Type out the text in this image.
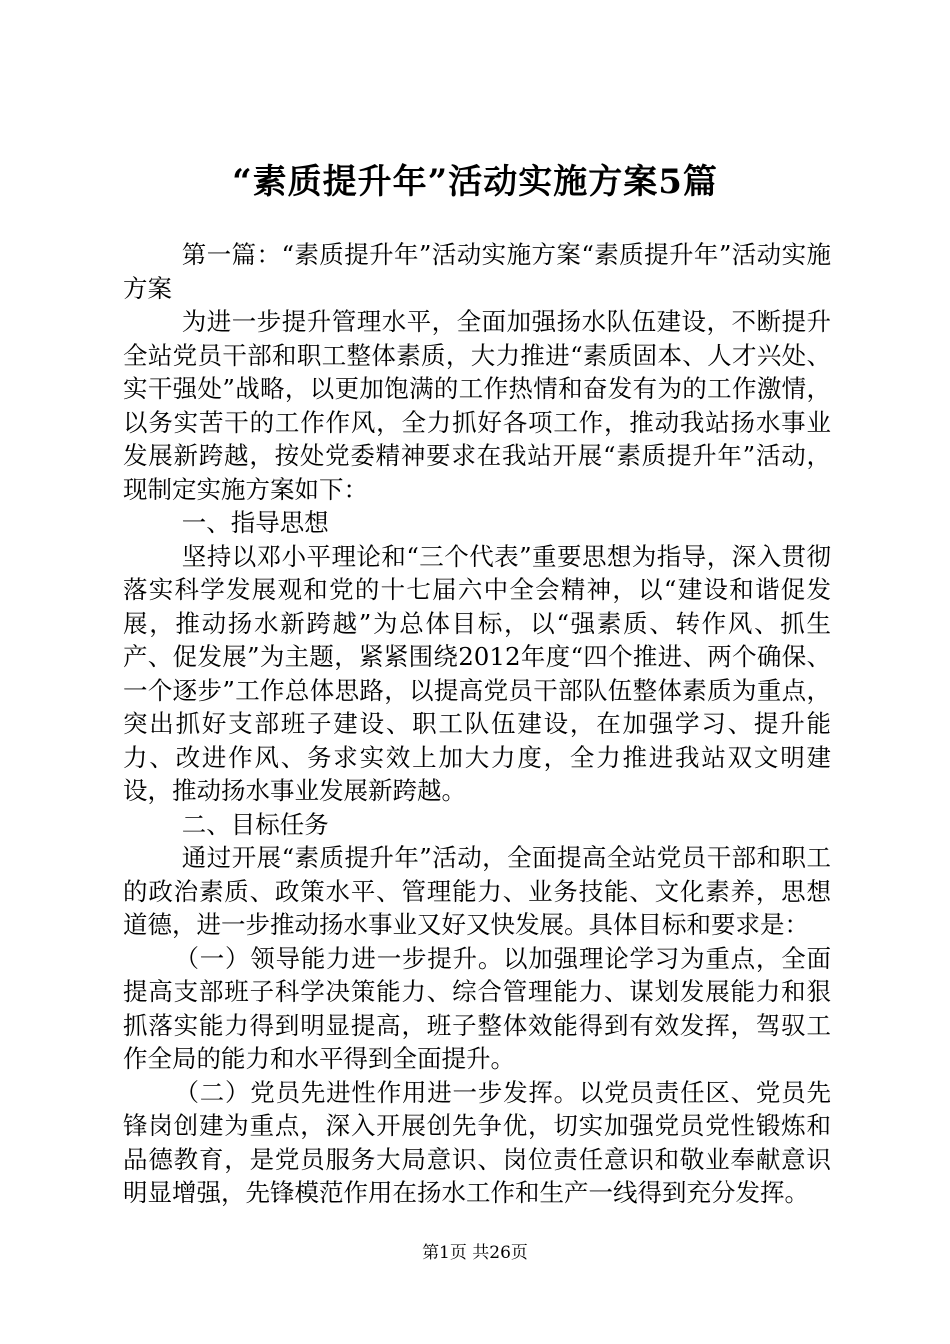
“素质提升年”活动实施方案5篇

第一篇：“素质提升年”活动实施方案“素质提升年”活动实施方案

为进一步提升管理水平，全面加强扬水队伍建设，不断提升全站党员干部和职工整体素质，大力推进“素质固本、人才兴处、实干强处”战略，以更加饱满的工作热情和奋发有为的工作激情，以务实苦干的工作作风，全力抓好各项工作，推动我站扬水事业发展新跨越，按处党委精神要求在我站开展“素质提升年”活动，现制定实施方案如下：

一、指导思想

坚持以邓小平理论和“三个代表”重要思想为指导，深入贯彻落实科学发展观和党的十七届六中全会精神，以“建设和谐促发展，推动扬水新跨越”为总体目标，以“强素质、转作风、抓生产、促发展”为主题，紧紧围绕2012年度“四个推进、两个确保、一个逐步”工作总体思路，以提高党员干部队伍整体素质为重点，突出抓好支部班子建设、职工队伍建设，在加强学习、提升能力、改进作风、务求实效上加大力度，全力推进我站双文明建设，推动扬水事业发展新跨越。

二、目标任务

通过开展“素质提升年”活动，全面提高全站党员干部和职工的政治素质、政策水平、管理能力、业务技能、文化素养，思想道德，进一步推动扬水事业又好又快发展。具体目标和要求是：

（一）领导能力进一步提升。以加强理论学习为重点，全面提高支部班子科学决策能力、综合管理能力、谋划发展能力和狠抓落实能力得到明显提高，班子整体效能得到有效发挥，驾驭工作全局的能力和水平得到全面提升。

（二）党员先进性作用进一步发挥。以党员责任区、党员先锋岗创建为重点，深入开展创先争优，切实加强党员党性锻炼和品德教育，是党员服务大局意识、岗位责任意识和敬业奉献意识明显增强，先锋模范作用在扬水工作和生产一线得到充分发挥。

第1页 共26页
